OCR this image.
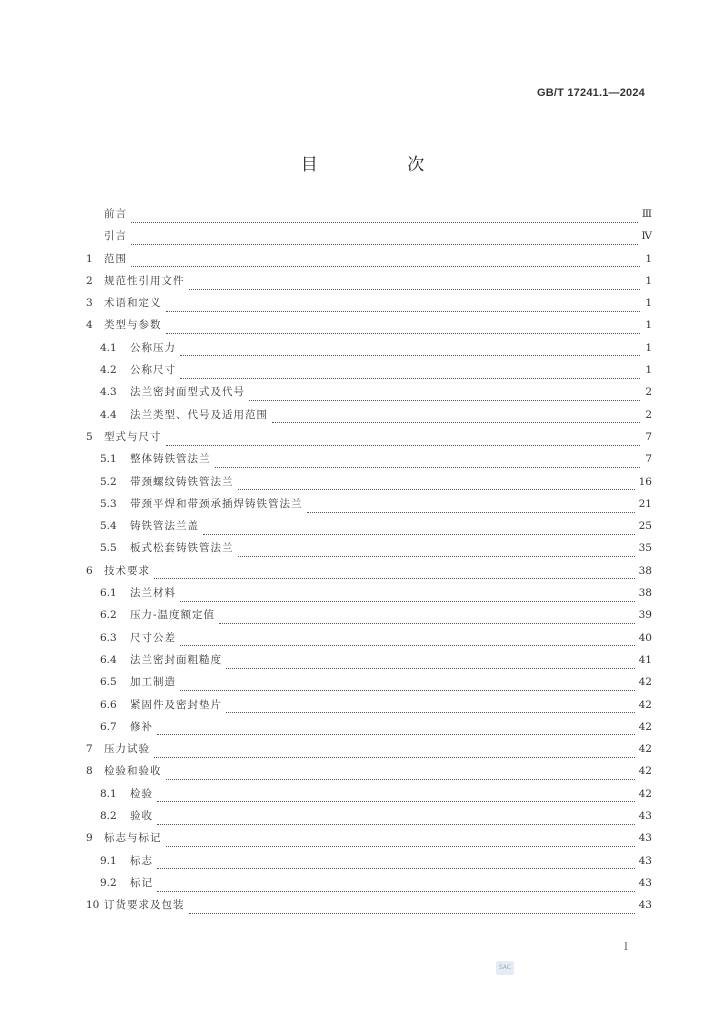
GB/T 17241.1—2024
目 次
前言	Ⅲ
引言	Ⅳ
1	范围	1
2	规范性引用文件	1
3	术语和定义	1
4	类型与参数	1
4.1	公称压力	1
4.2	公称尺寸	1
4.3	法兰密封面型式及代号	2
4.4	法兰类型、代号及适用范围	2
5	型式与尺寸	7
5.1	整体铸铁管法兰	7
5.2	带颈螺纹铸铁管法兰	16
5.3	带颈平焊和带颈承插焊铸铁管法兰	21
5.4	铸铁管法兰盖	25
5.5	板式松套铸铁管法兰	35
6	技术要求	38
6.1	法兰材料	38
6.2	压力-温度额定值	39
6.3	尺寸公差	40
6.4	法兰密封面粗糙度	41
6.5	加工制造	42
6.6	紧固件及密封垫片	42
6.7	修补	42
7	压力试验	42
8	检验和验收	42
8.1	检验	42
8.2	验收	43
9	标志与标记	43
9.1	标志	43
9.2	标记	43
10 订货要求及包装	43
I
SAC
